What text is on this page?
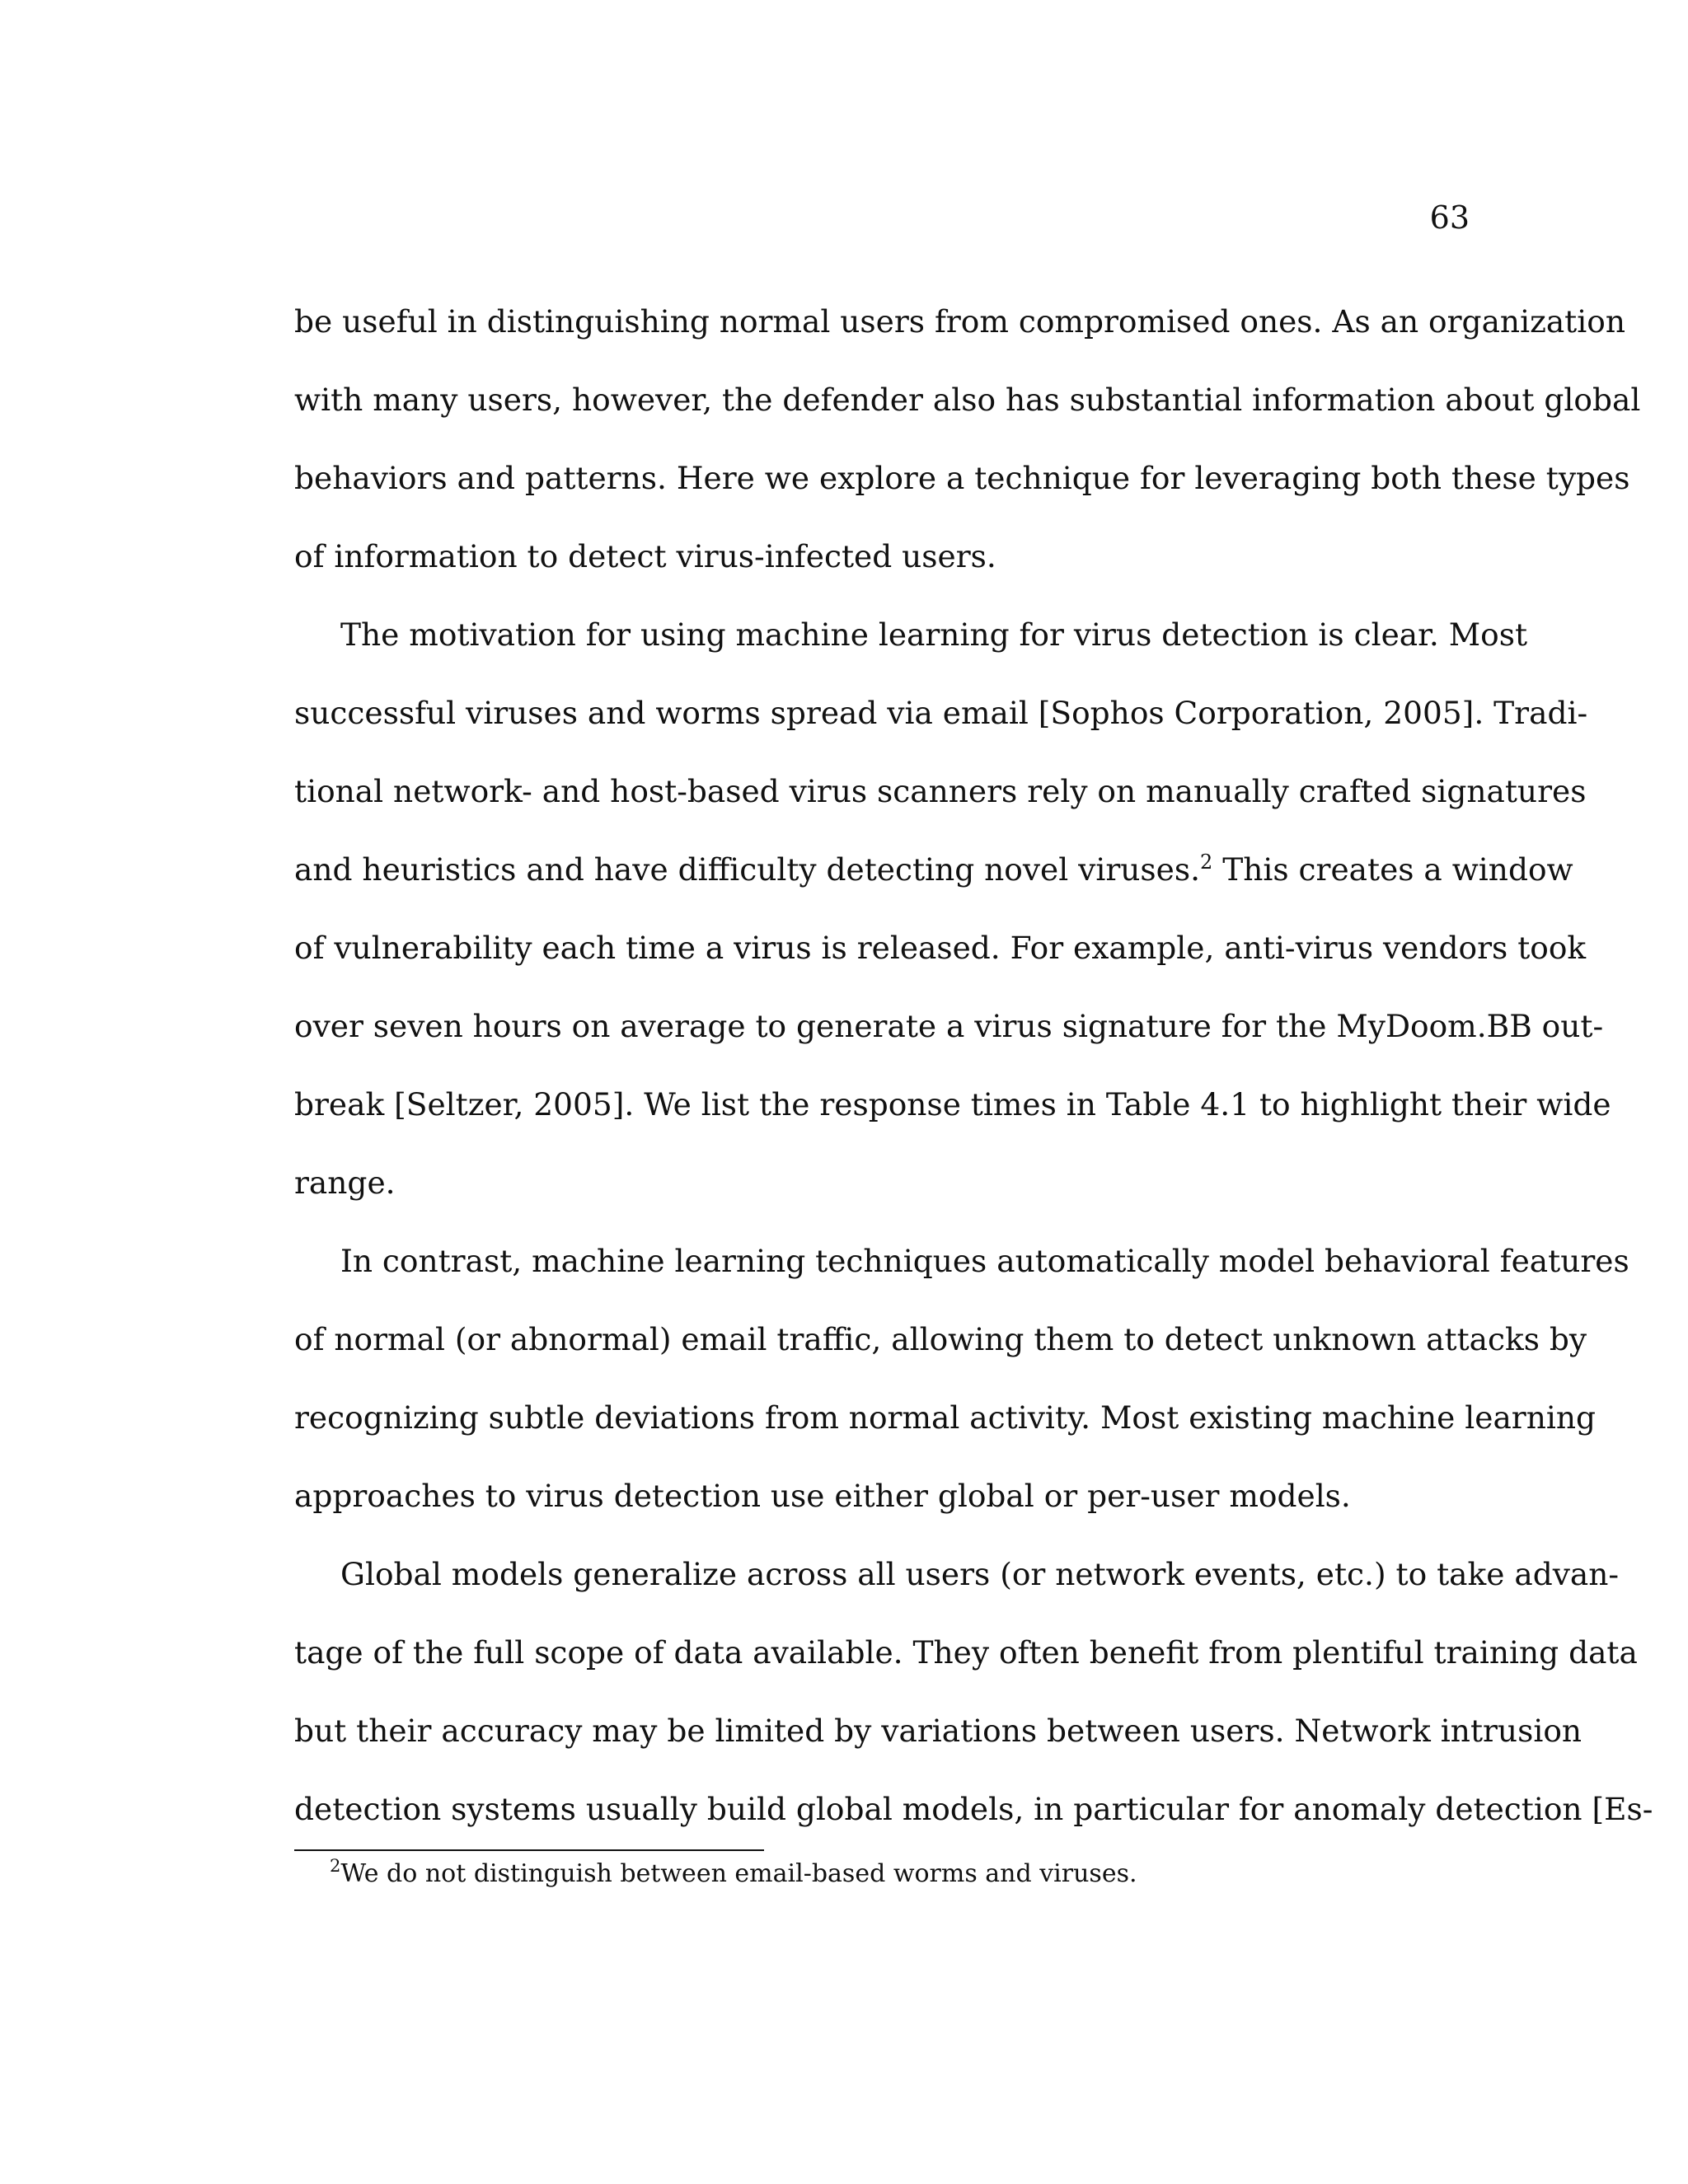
63
be useful in distinguishing normal users from compromised ones. As an organization
with many users, however, the defender also has substantial information about global
behaviors and patterns. Here we explore a technique for leveraging both these types
of information to detect virus-infected users.
The motivation for using machine learning for virus detection is clear. Most
successful viruses and worms spread via email [Sophos Corporation, 2005]. Tradi-
tional network- and host-based virus scanners rely on manually crafted signatures
and heuristics and have difficulty detecting novel viruses.$^2$ This creates a window
of vulnerability each time a virus is released. For example, anti-virus vendors took
over seven hours on average to generate a virus signature for the MyDoom.BB out-
break [Seltzer, 2005]. We list the response times in Table 4.1 to highlight their wide
range.
In contrast, machine learning techniques automatically model behavioral features
of normal (or abnormal) email traffic, allowing them to detect unknown attacks by
recognizing subtle deviations from normal activity. Most existing machine learning
approaches to virus detection use either global or per-user models.
Global models generalize across all users (or network events, etc.) to take advan-
tage of the full scope of data available. They often benefit from plentiful training data
but their accuracy may be limited by variations between users. Network intrusion
detection systems usually build global models, in particular for anomaly detection [Es-
$^2$We do not distinguish between email-based worms and viruses.
